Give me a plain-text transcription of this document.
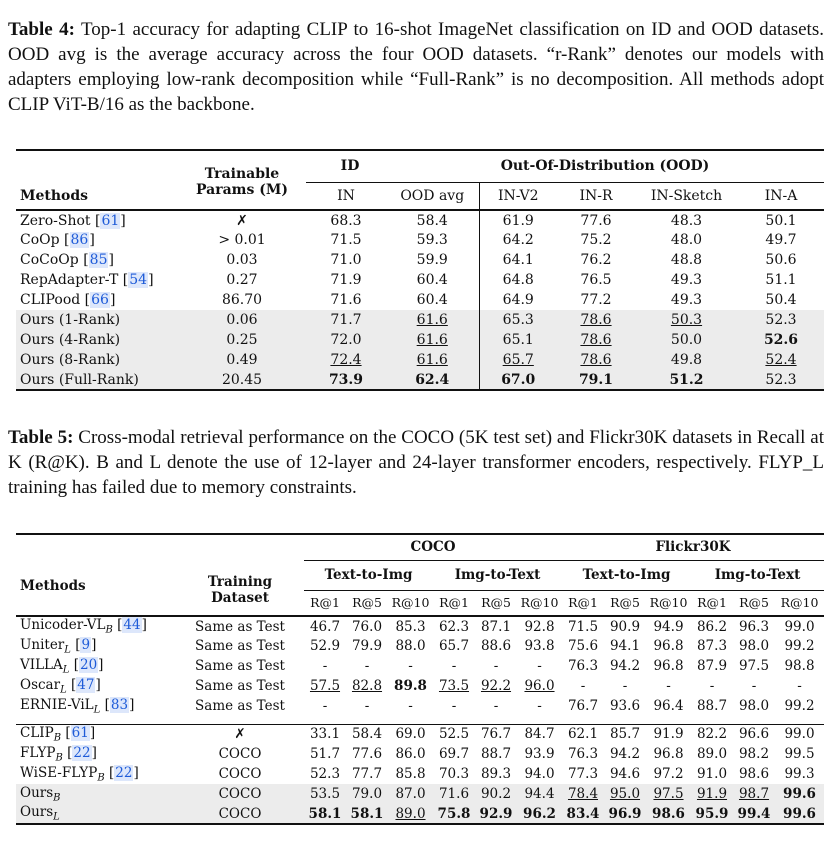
Table 4: Top-1 accuracy for adapting CLIP to 16-shot ImageNet classification on ID and OOD datasets. OOD avg is the average accuracy across the four OOD datasets. “r-Rank” denotes our models with adapters employing low-rank decomposition while “Full-Rank” is no decomposition. All methods adopt CLIP ViT-B/16 as the backbone.
	Trainable	ID	Out-Of-Distribution (OOD)				
Methods	Params (M)	IN	OOD avg	IN-V2	IN-R	IN-Sketch	IN-A
Zero-Shot [61]	✗	68.3	58.4	61.9	77.6	48.3	50.1
CoOp [86]	> 0.01	71.5	59.3	64.2	75.2	48.0	49.7
CoCoOp [85]	0.03	71.0	59.9	64.1	76.2	48.8	50.6
RepAdapter-T [54]	0.27	71.9	60.4	64.8	76.5	49.3	51.1
CLIPood [66]	86.70	71.6	60.4	64.9	77.2	49.3	50.4
Ours (1-Rank)	0.06	71.7	61.6	65.3	78.6	50.3	52.3
Ours (4-Rank)	0.25	72.0	61.6	65.1	78.6	50.0	52.6
Ours (8-Rank)	0.49	72.4	61.6	65.7	78.6	49.8	52.4
Ours (Full-Rank)	20.45	73.9	62.4	67.0	79.1	51.2	52.3
Table 5: Cross-modal retrieval performance on the COCO (5K test set) and Flickr30K datasets in Recall at K (R@K). B and L denote the use of 12-layer and 24-layer transformer encoders, respectively. FLYP_L training has failed due to memory constraints.
	Training	COCO						Flickr30K					
		Text-to-Img			Img-to-Text			Text-to-Img			Img-to-Text		
Methods	Dataset	R@1	R@5	R@10	R@1	R@5	R@10	R@1	R@5	R@10	R@1	R@5	R@10
Unicoder-$VL_B$ [44]	Same as Test	46.7	76.0	85.3	62.3	87.1	92.8	71.5	90.9	94.9	86.2	96.3	99.0
Uniter$_L$ [9]	Same as Test	52.9	79.9	88.0	65.7	88.6	93.8	75.6	94.1	96.8	87.3	98.0	99.2
$VILLA_L$ [20]	Same as Test	-	-	-	-	-	-	76.3	94.2	96.8	87.9	97.5	98.8
Oscar$_L$ [47]	Same as Test	57.5	82.8	89.8	73.5	92.2	96.0	-	-	-	-	-	-
ERNIE-ViL$_L$ [83]	Same as Test	-	-	-	-	-	-	76.7	93.6	96.4	88.7	98.0	99.2

$CLIP_B$ [61]	✗	33.1	58.4	69.0	52.5	76.7	84.7	62.1	85.7	91.9	82.2	96.6	99.0
$FLYP_B$ [22]	COCO	51.7	77.6	86.0	69.7	88.7	93.9	76.3	94.2	96.8	89.0	98.2	99.5
WiSE-$FLYP_B$ [22]	COCO	52.3	77.7	85.8	70.3	89.3	94.0	77.3	94.6	97.2	91.0	98.6	99.3
Ours$_B$	COCO	53.5	79.0	87.0	71.6	90.2	94.4	78.4	95.0	97.5	91.9	98.7	99.6
Ours$_L$	COCO	58.1	58.1	89.0	75.8	92.9	96.2	83.4	96.9	98.6	95.9	99.4	99.6
